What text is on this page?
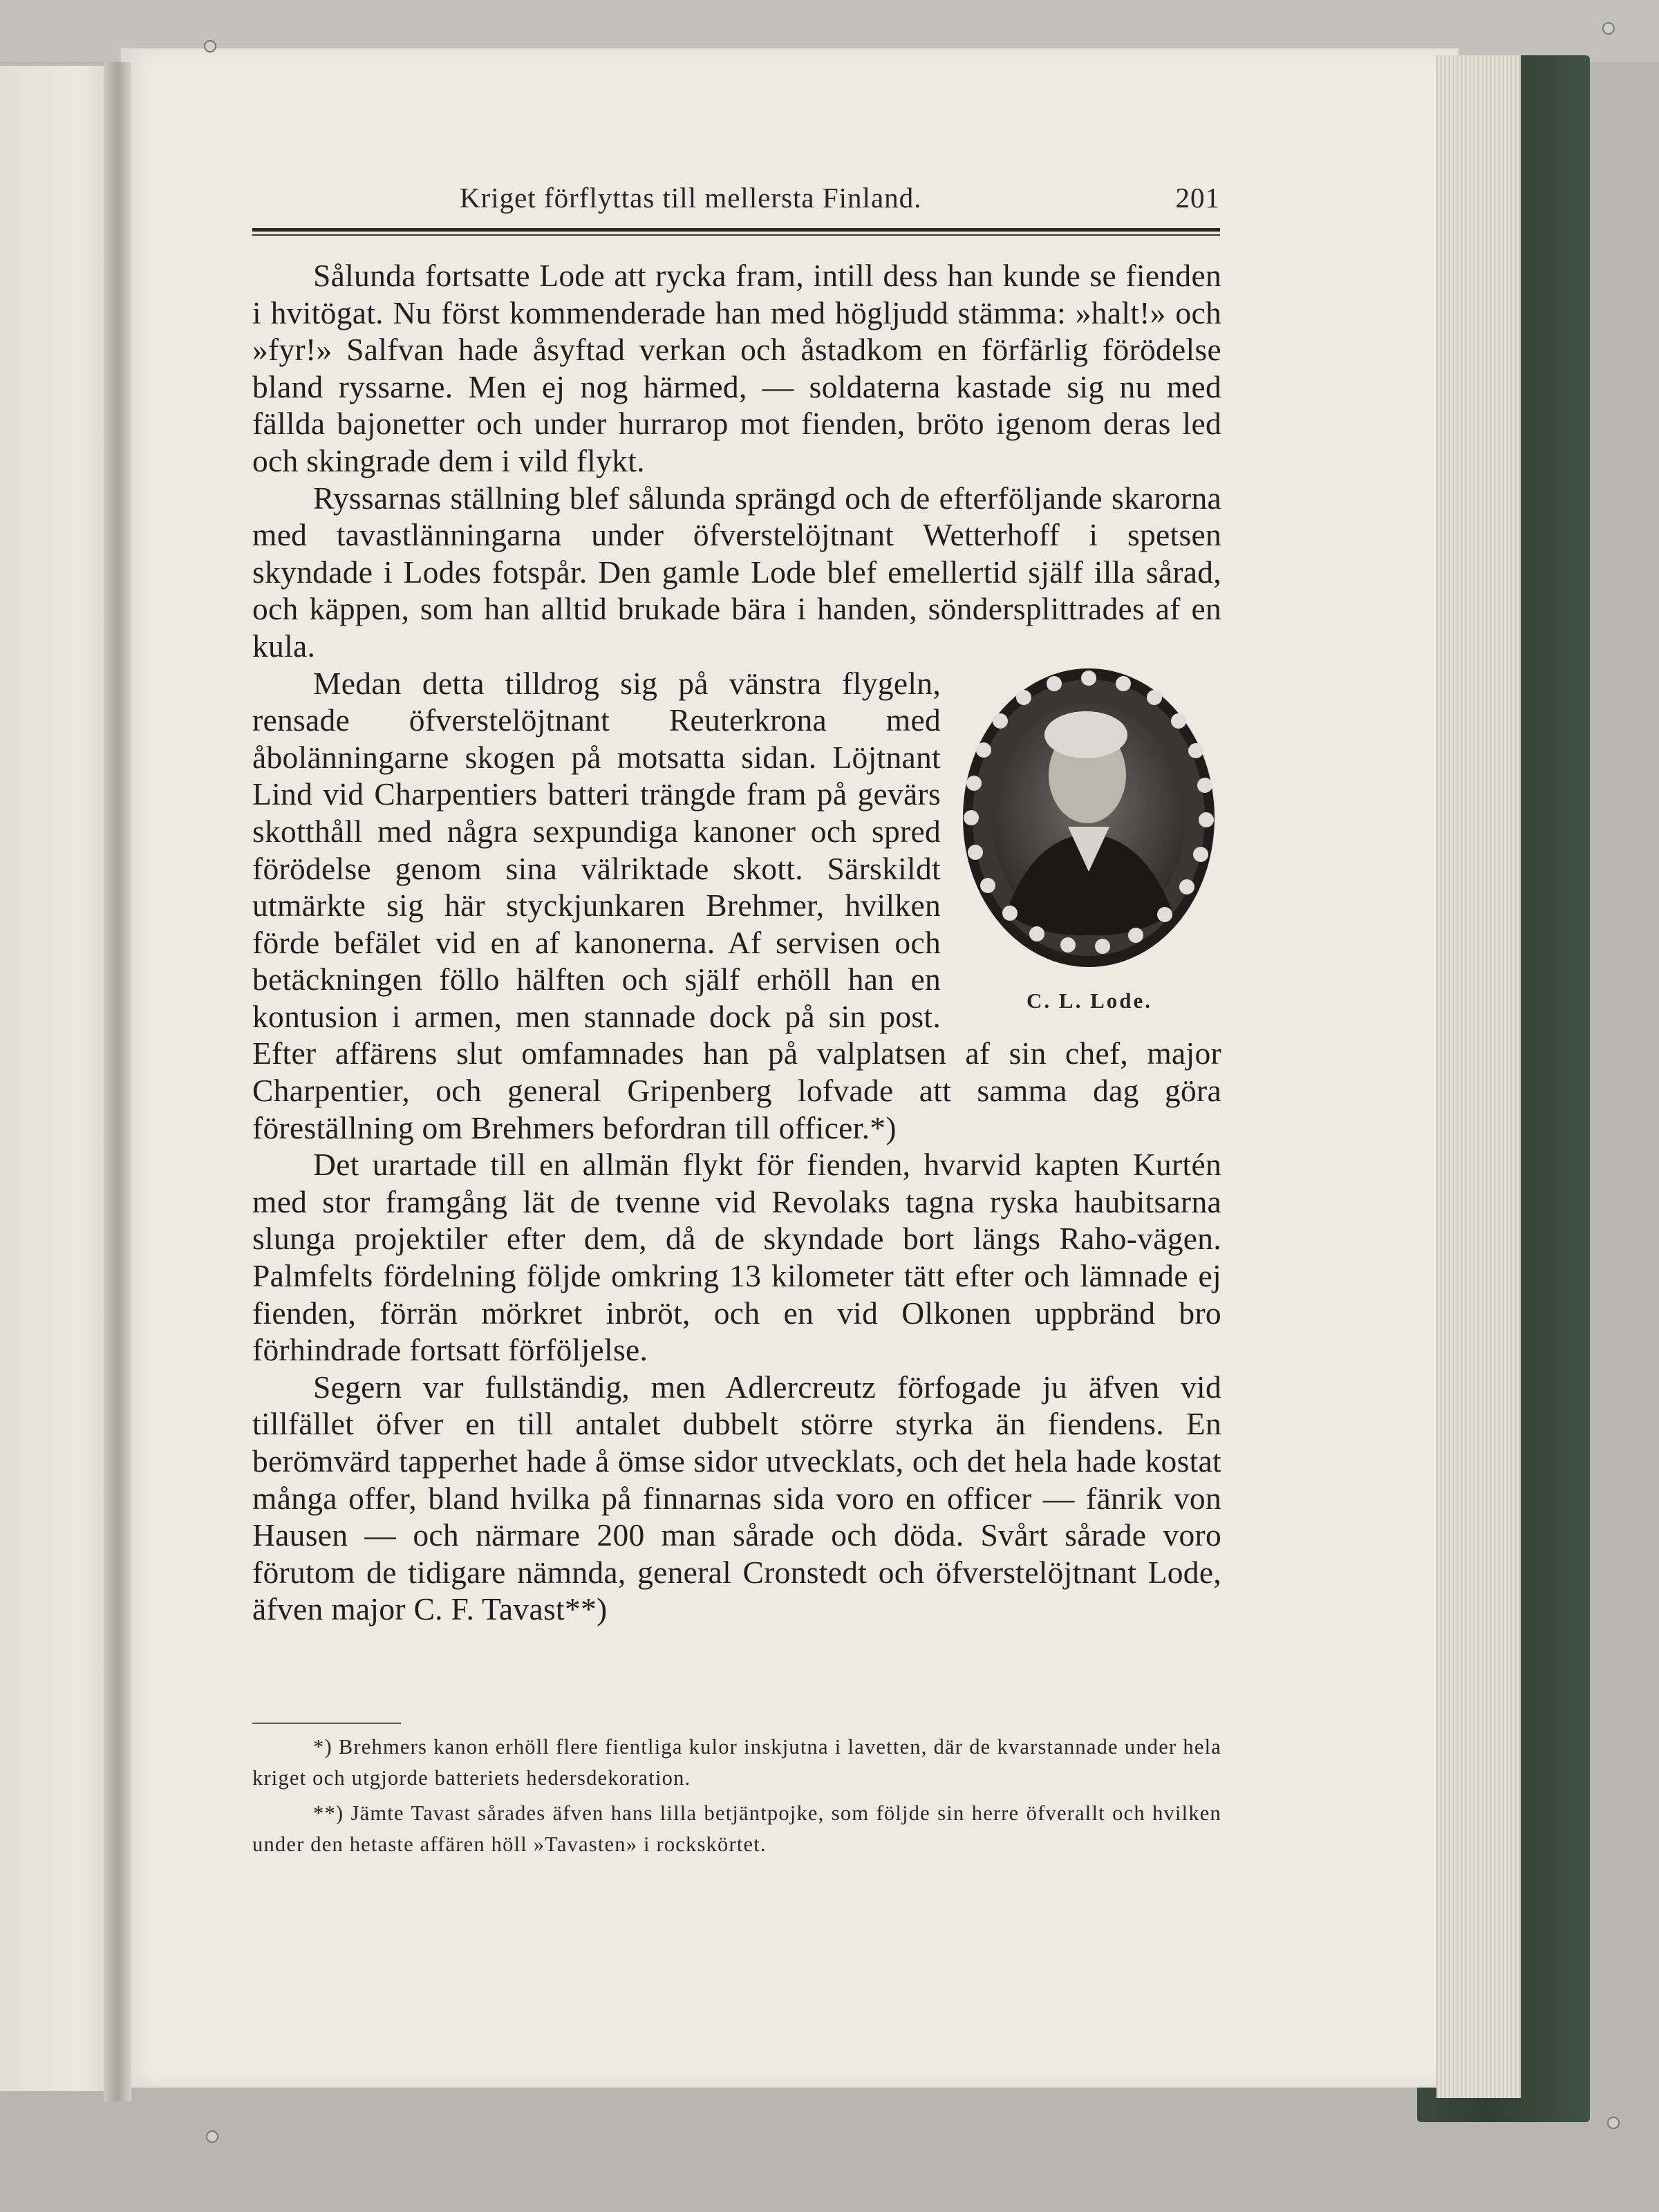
Kriget förflyttas till mellersta Finland.	201

Sålunda fortsatte Lode att rycka fram, intill dess han kunde se fienden i hvitögat. Nu först kommenderade han med högljudd stämma: »halt!» och »fyr!» Salfvan hade åsyftad verkan och åstadkom en förfärlig förödelse bland ryssarne. Men ej nog härmed, — soldaterna kastade sig nu med fällda bajonetter och under hurrarop mot fienden, bröto igenom deras led och skingrade dem i vild flykt.

Ryssarnas ställning blef sålunda sprängd och de efterföljande skarorna med tavastlänningarna under öfverstelöjtnant Wetterhoff i spetsen skyndade i Lodes fotspår. Den gamle Lode blef emellertid själf illa sårad, och käppen, som han alltid brukade bära i handen, söndersplittrades af en kula.

C. L. Lode.
Medan detta tilldrog sig på vänstra flygeln, rensade öfverstelöjtnant Reuterkrona med åbolänningarne skogen på motsatta sidan. Löjtnant Lind vid Charpentiers batteri trängde fram på gevärs skotthåll med några sexpundiga kanoner och spred förödelse genom sina välriktade skott. Särskildt utmärkte sig här styckjunkaren Brehmer, hvilken förde befälet vid en af kanonerna. Af servisen och betäckningen föllo hälften och själf erhöll han en kontusion i armen, men stannade dock på sin post. Efter affärens slut omfamnades han på valplatsen af sin chef, major Charpentier, och general Gripenberg lofvade att samma dag göra föreställning om Brehmers befordran till officer.*)

Det urartade till en allmän flykt för fienden, hvarvid kapten Kurtén med stor framgång lät de tvenne vid Revolaks tagna ryska haubitsarna slunga projektiler efter dem, då de skyndade bort längs Raho-vägen. Palmfelts fördelning följde omkring 13 kilometer tätt efter och lämnade ej fienden, förrän mörkret inbröt, och en vid Olkonen uppbränd bro förhindrade fortsatt förföljelse.

Segern var fullständig, men Adlercreutz förfogade ju äfven vid tillfället öfver en till antalet dubbelt större styrka än fiendens. En berömvärd tapperhet hade å ömse sidor utvecklats, och det hela hade kostat många offer, bland hvilka på finnarnas sida voro en officer — fänrik von Hausen — och närmare 200 man sårade och döda. Svårt sårade voro förutom de tidigare nämnda, general Cronstedt och öfverstelöjtnant Lode, äfven major C. F. Tavast**)

*) Brehmers kanon erhöll flere fientliga kulor inskjutna i lavetten, där de kvarstannade under hela kriget och utgjorde batteriets hedersdekoration.

**) Jämte Tavast sårades äfven hans lilla betjäntpojke, som följde sin herre öfverallt och hvilken under den hetaste affären höll »Tavasten» i rockskörtet.
